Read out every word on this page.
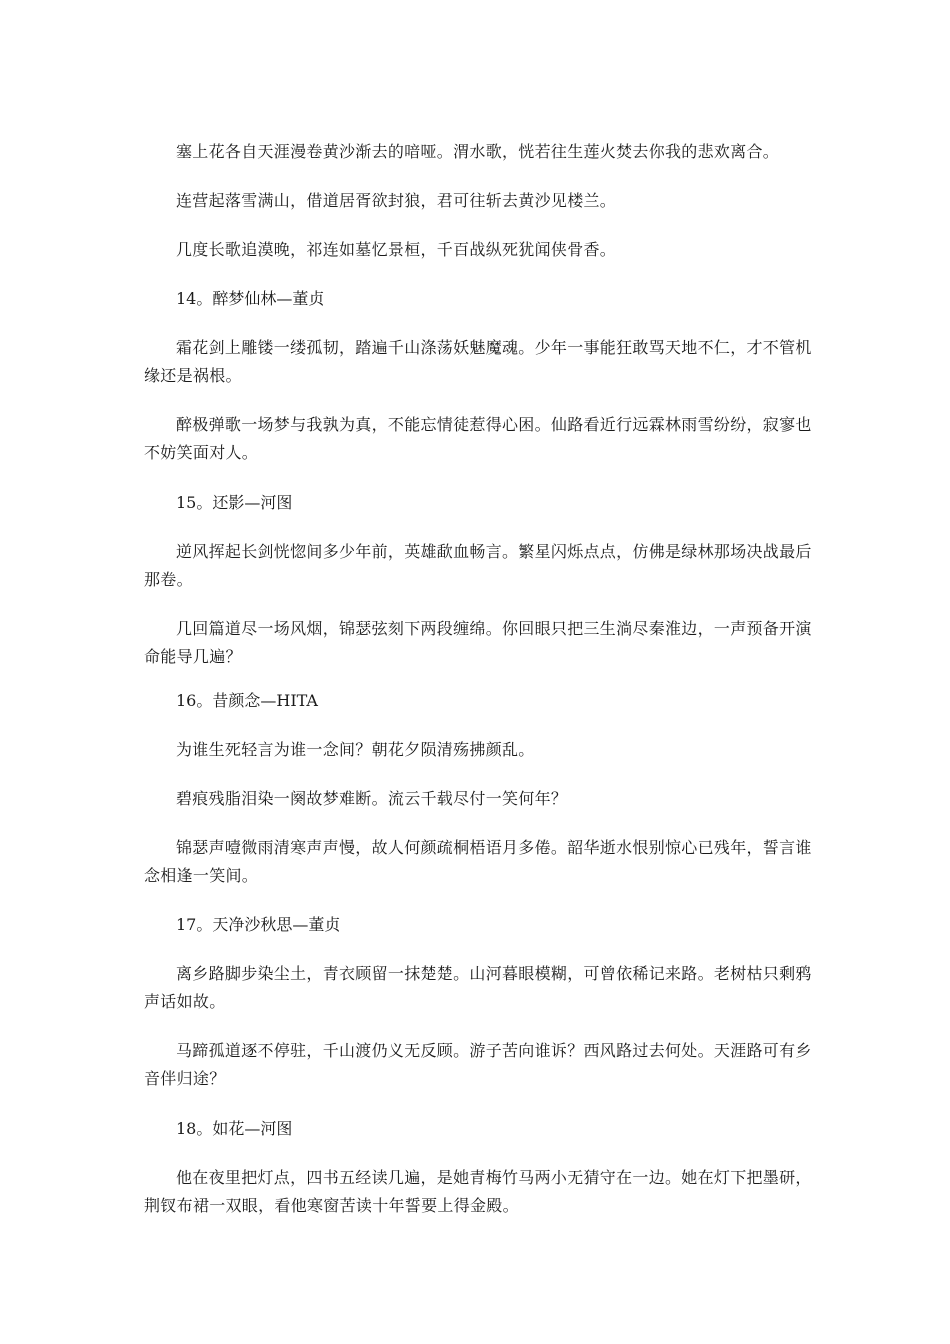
塞上花各自天涯漫卷黄沙渐去的喑哑。渭水歌，恍若往生莲火焚去你我的悲欢离合。

连营起落雪满山，借道居胥欲封狼，君可往斩去黄沙见楼兰。

几度长歌追漠晚，祁连如墓忆景桓，千百战纵死犹闻侠骨香。

14。醉梦仙林—董贞

霜花剑上雕镂一缕孤韧，踏遍千山涤荡妖魅魔魂。少年一事能狂敢骂天地不仁，才不管机缘还是祸根。

醉极弹歌一场梦与我孰为真，不能忘情徒惹得心困。仙路看近行远霖林雨雪纷纷，寂寥也不妨笑面对人。

15。还影—河图

逆风挥起长剑恍惚间多少年前，英雄歃血畅言。繁星闪烁点点，仿佛是绿林那场决战最后那卷。

几回篇道尽一场风烟，锦瑟弦刻下两段缠绵。你回眼只把三生淌尽秦淮边，一声预备开演命能导几遍？

16。昔颜念—HITA

为谁生死轻言为谁一念间？朝花夕陨清殇拂颜乱。

碧痕残脂泪染一阕故梦难断。流云千载尽付一笑何年？

锦瑟声噎微雨清寒声声慢，故人何颜疏桐梧语月多倦。韶华逝水恨别惊心已残年，誓言谁念相逢一笑间。

17。天净沙秋思—董贞

离乡路脚步染尘土，青衣顾留一抹楚楚。山河暮眼模糊，可曾依稀记来路。老树枯只剩鸦声话如故。

马蹄孤道逐不停驻，千山渡仍义无反顾。游子苦向谁诉？西风路过去何处。天涯路可有乡音伴归途？

18。如花—河图

他在夜里把灯点，四书五经读几遍，是她青梅竹马两小无猜守在一边。她在灯下把墨研，荆钗布裙一双眼，看他寒窗苦读十年誓要上得金殿。
